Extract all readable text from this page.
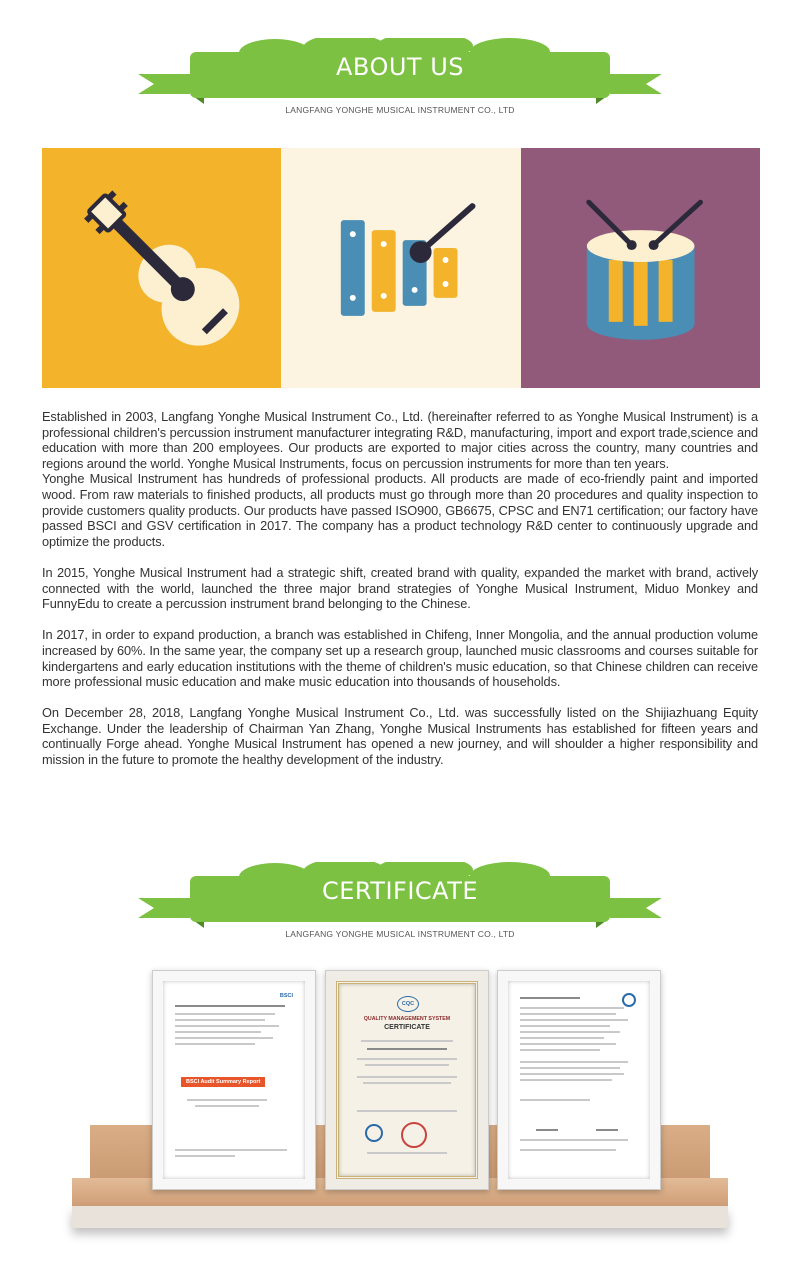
ABOUT US
LANGFANG YONGHE MUSICAL INSTRUMENT CO., LTD

Established in 2003, Langfang Yonghe Musical Instrument Co., Ltd. (hereinafter referred to as Yonghe Musical Instrument) is a professional children's percussion instrument manufacturer integrating R&D, manufacturing, import and export trade,science and education with more than 200 employees. Our products are exported to major cities across the country, many countries and regions around the world. Yonghe Musical Instruments, focus on percussion instruments for more than ten years.

Yonghe Musical Instrument has hundreds of professional products. All products are made of eco-friendly paint and imported wood. From raw materials to finished products, all products must go through more than 20 procedures and quality inspection to provide customers quality products. Our products have passed ISO900, GB6675, CPSC and EN71 certification; our factory have passed BSCI and GSV certification in 2017. The company has a product technology R&D center to continuously upgrade and optimize the products.

In 2015, Yonghe Musical Instrument had a strategic shift, created brand with quality, expanded the market with brand, actively connected with the world, launched the three major brand strategies of Yonghe Musical Instrument, Miduo Monkey and FunnyEdu to create a percussion instrument brand belonging to the Chinese.

In 2017, in order to expand production, a branch was established in Chifeng, Inner Mongolia, and the annual production volume increased by 60%. In the same year, the company set up a research group, launched music classrooms and courses suitable for kindergartens and early education institutions with the theme of children's music education, so that Chinese children can receive more professional music education and make music education into thousands of households.

On December 28, 2018, Langfang Yonghe Musical Instrument Co., Ltd. was successfully listed on the Shijiazhuang Equity Exchange. Under the leadership of Chairman Yan Zhang, Yonghe Musical Instruments has established for fifteen years and continually Forge ahead. Yonghe Musical Instrument has opened a new journey, and will shoulder a higher responsibility and mission in the future to promote the healthy development of the industry.

CERTIFICATE
LANGFANG YONGHE MUSICAL INSTRUMENT CO., LTD
BSCI
BSCI Audit Summary Report
CQC
QUALITY MANAGEMENT SYSTEM
CERTIFICATE
